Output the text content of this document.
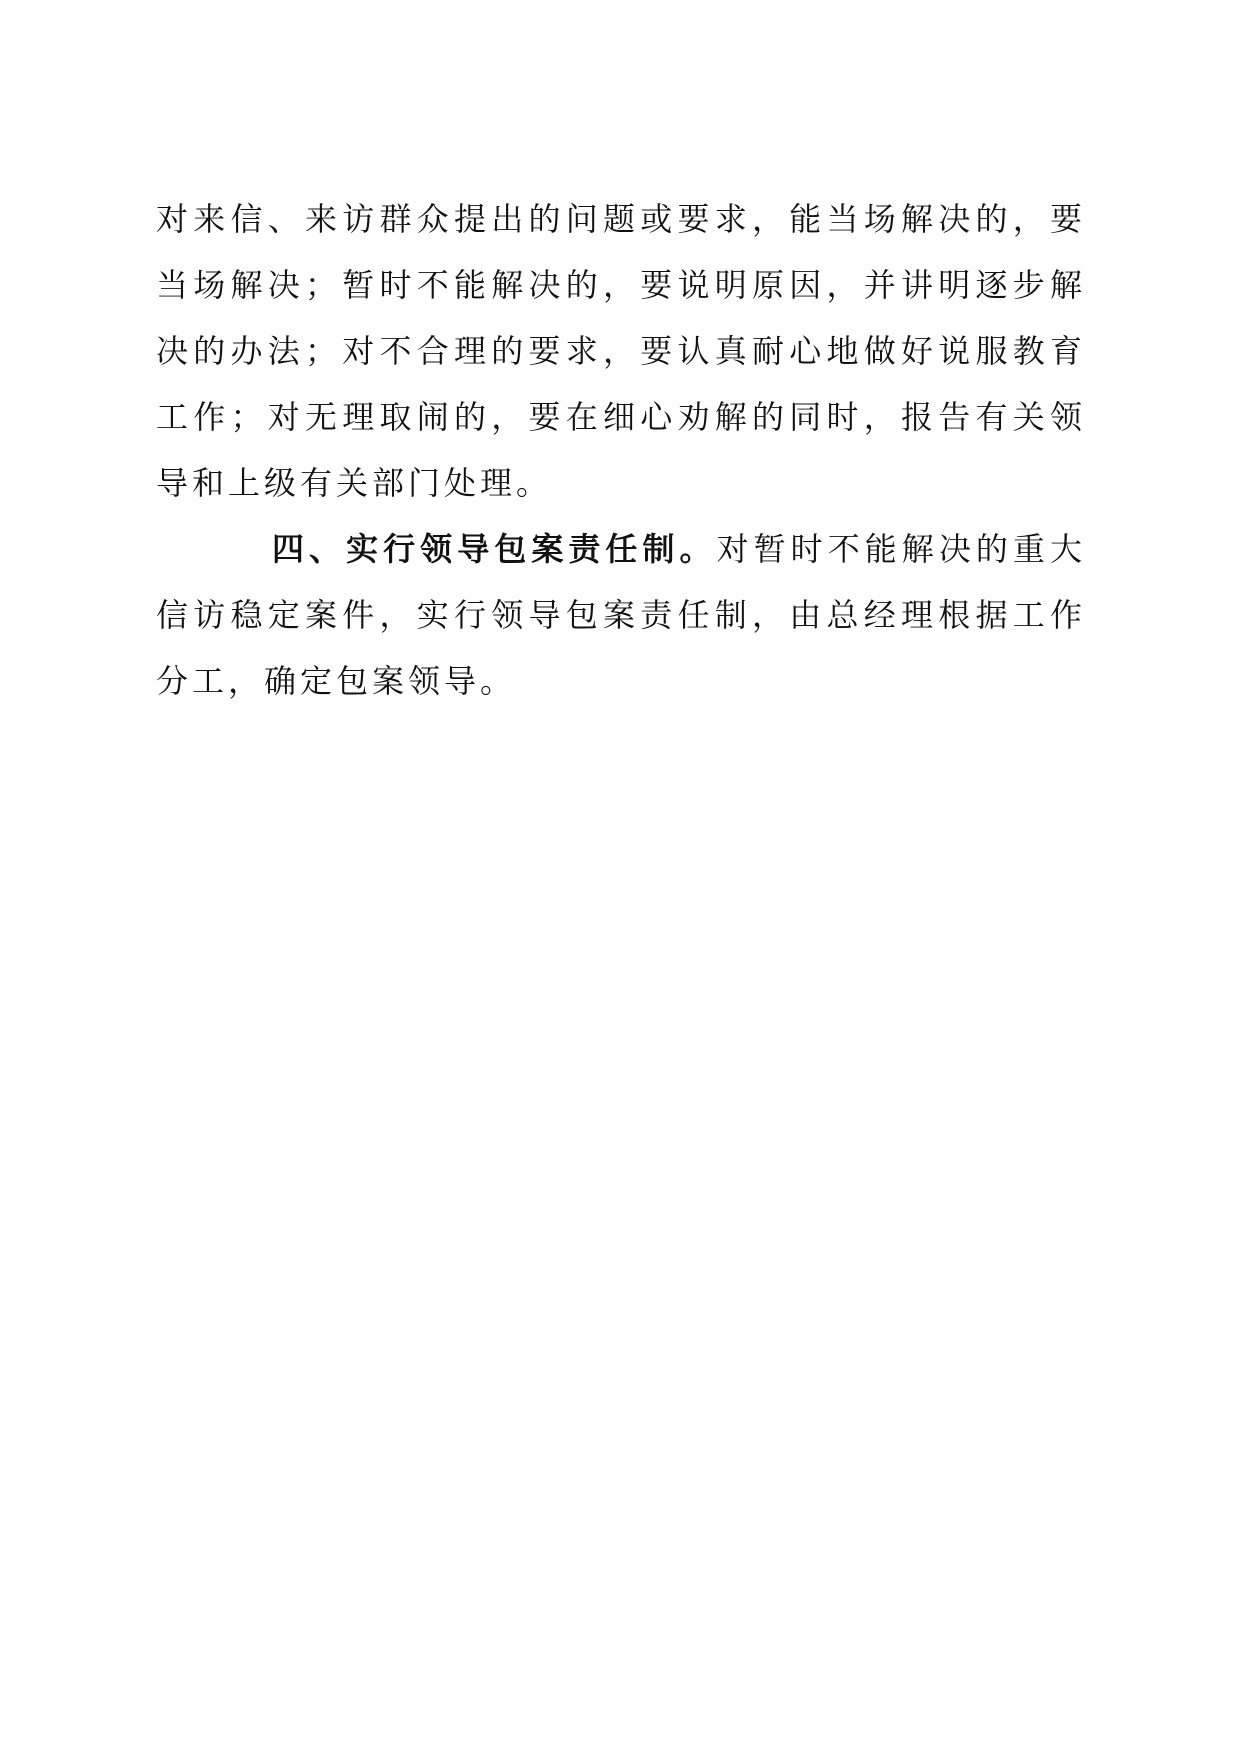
对来信、来访群众提出的问题或要求，能当场解决的，要当场解决；暂时不能解决的，要说明原因，并讲明逐步解决的办法；对不合理的要求，要认真耐心地做好说服教育工作；对无理取闹的，要在细心劝解的同时，报告有关领导和上级有关部门处理。

四、实行领导包案责任制。对暂时不能解决的重大信访稳定案件，实行领导包案责任制，由总经理根据工作分工，确定包案领导。
